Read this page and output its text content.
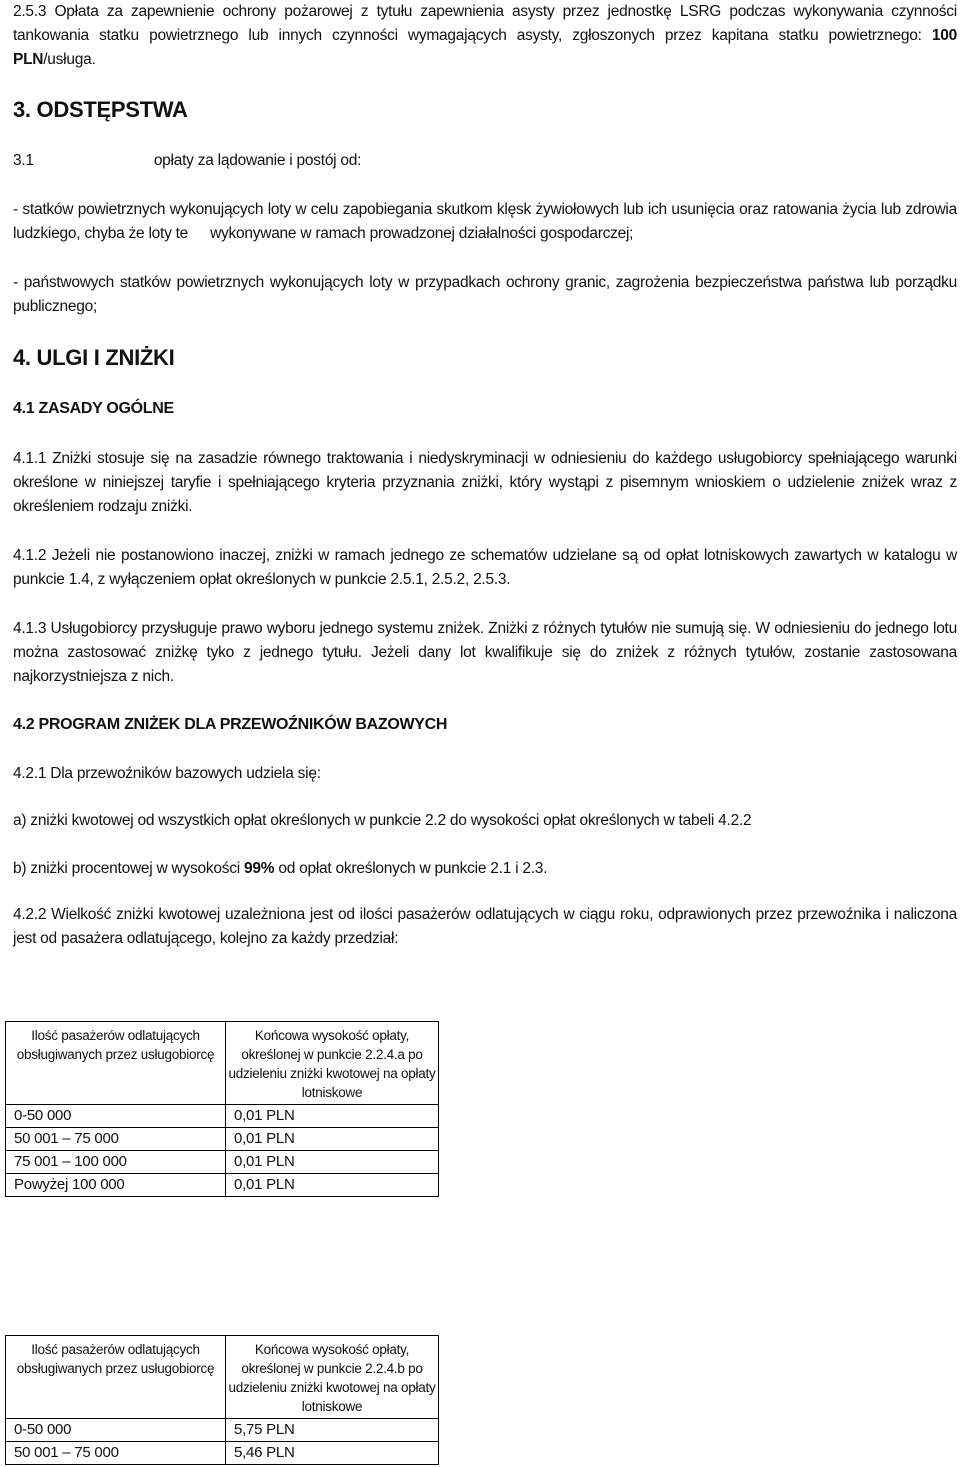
2.5.3 Opłata za zapewnienie ochrony pożarowej z tytułu zapewnienia asysty przez jednostkę LSRG podczas wykonywania czynności tankowania statku powietrznego lub innych czynności wymagających asysty, zgłoszonych przez kapitana statku powietrznego: 100 PLN/usługa.

3. ODSTĘPSTWA

3.1	opłaty za lądowanie i postój od:

- statków powietrznych wykonujących loty w celu zapobiegania skutkom klęsk żywiołowych lub ich usunięcia oraz ratowania życia lub zdrowia ludzkiego, chyba że loty te wykonywane w ramach prowadzonej działalności gospodarczej;

- państwowych statków powietrznych wykonujących loty w przypadkach ochrony granic, zagrożenia bezpieczeństwa państwa lub porządku publicznego;

4. ULGI I ZNIŻKI
4.1 ZASADY OGÓLNE

4.1.1 Zniżki stosuje się na zasadzie równego traktowania i niedyskryminacji w odniesieniu do każdego usługobiorcy spełniającego warunki określone w niniejszej taryfie i spełniającego kryteria przyznania zniżki, który wystąpi z pisemnym wnioskiem o udzielenie zniżek wraz z określeniem rodzaju zniżki.

4.1.2 Jeżeli nie postanowiono inaczej, zniżki w ramach jednego ze schematów udzielane są od opłat lotniskowych zawartych w katalogu w punkcie 1.4, z wyłączeniem opłat określonych w punkcie 2.5.1, 2.5.2, 2.5.3.

4.1.3 Usługobiorcy przysługuje prawo wyboru jednego systemu zniżek. Zniżki z różnych tytułów nie sumują się. W odniesieniu do jednego lotu można zastosować zniżkę tyko z jednego tytułu. Jeżeli dany lot kwalifikuje się do zniżek z różnych tytułów, zostanie zastosowana najkorzystniejsza z nich.

4.2 PROGRAM ZNIŻEK DLA PRZEWOŹNIKÓW BAZOWYCH

4.2.1 Dla przewoźników bazowych udziela się:

a) zniżki kwotowej od wszystkich opłat określonych w punkcie 2.2 do wysokości opłat określonych w tabeli 4.2.2

b) zniżki procentowej w wysokości 99% od opłat określonych w punkcie 2.1 i 2.3.

4.2.2 Wielkość zniżki kwotowej uzależniona jest od ilości pasażerów odlatujących w ciągu roku, odprawionych przez przewoźnika i naliczona jest od pasażera odlatującego, kolejno za każdy przedział:

Ilość pasażerów odlatujących obsługiwanych przez usługobiorcę	Końcowa wysokość opłaty, określonej w punkcie 2.2.4.a po udzieleniu zniżki kwotowej na opłaty lotniskowe
0-50 000	0,01 PLN
50 001 – 75 000	0,01 PLN
75 001 – 100 000	0,01 PLN
Powyżej 100 000	0,01 PLN
Ilość pasażerów odlatujących obsługiwanych przez usługobiorcę	Końcowa wysokość opłaty, określonej w punkcie 2.2.4.b po udzieleniu zniżki kwotowej na opłaty lotniskowe
0-50 000	5,75 PLN
50 001 – 75 000	5,46 PLN
